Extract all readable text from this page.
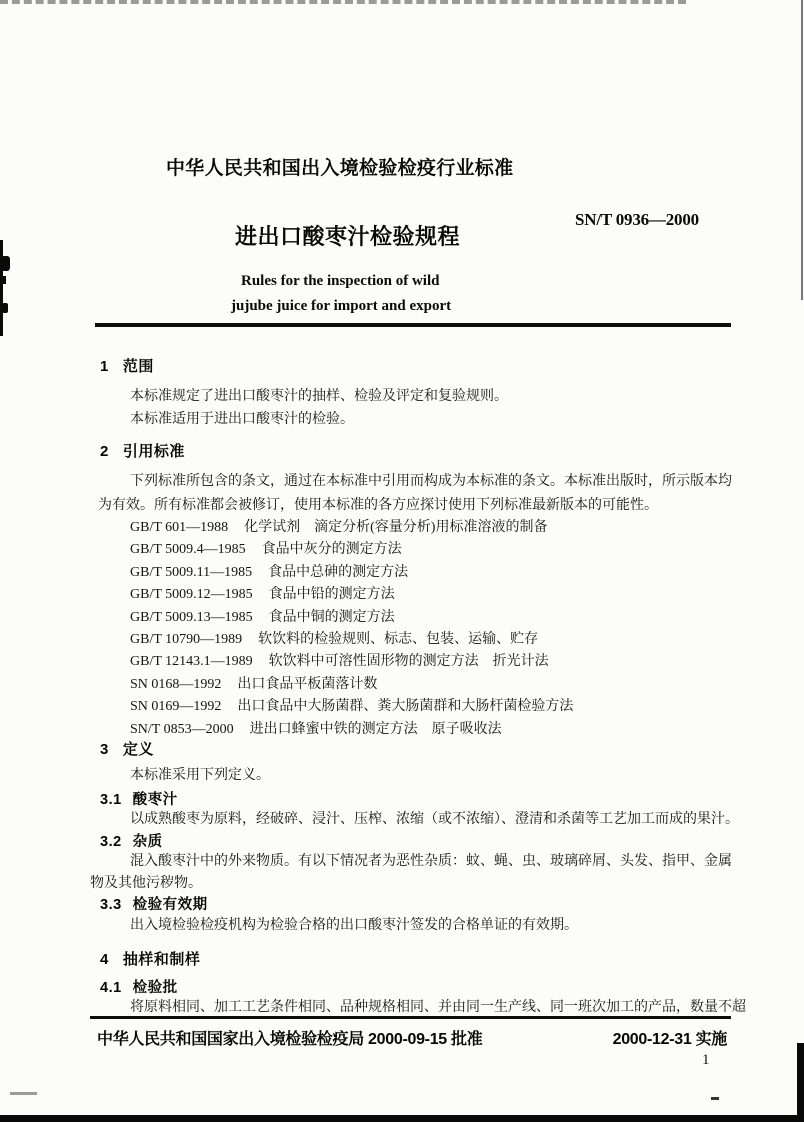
中华人民共和国出入境检验检疫行业标准
进出口酸枣汁检验规程
SN/T 0936—2000
Rules for the inspection of wild
jujube juice for import and export
1 范围
本标准规定了进出口酸枣汁的抽样、检验及评定和复验规则。
本标准适用于进出口酸枣汁的检验。
2 引用标准
下列标准所包含的条文，通过在本标准中引用而构成为本标准的条文。本标准出版时，所示版本均为有效。所有标准都会被修订，使用本标准的各方应探讨使用下列标准最新版本的可能性。
GB/T 601—1988 化学试剂　滴定分析(容量分析)用标准溶液的制备
GB/T 5009.4—1985 食品中灰分的测定方法
GB/T 5009.11—1985 食品中总砷的测定方法
GB/T 5009.12—1985 食品中铅的测定方法
GB/T 5009.13—1985 食品中铜的测定方法
GB/T 10790—1989 软饮料的检验规则、标志、包装、运输、贮存
GB/T 12143.1—1989 软饮料中可溶性固形物的测定方法　折光计法
SN 0168—1992 出口食品平板菌落计数
SN 0169—1992 出口食品中大肠菌群、粪大肠菌群和大肠杆菌检验方法
SN/T 0853—2000 进出口蜂蜜中铁的测定方法　原子吸收法
3 定义
本标准采用下列定义。
3.1 酸枣汁
以成熟酸枣为原料，经破碎、浸汁、压榨、浓缩（或不浓缩）、澄清和杀菌等工艺加工而成的果汁。
3.2 杂质
混入酸枣汁中的外来物质。有以下情况者为恶性杂质：蚊、蝇、虫、玻璃碎屑、头发、指甲、金属物及其他污秽物。
3.3 检验有效期
出入境检验检疫机构为检验合格的出口酸枣汁签发的合格单证的有效期。
4 抽样和制样
4.1 检验批
将原料相同、加工工艺条件相同、品种规格相同、并由同一生产线、同一班次加工的产品，数量不超
中华人民共和国国家出入境检验检疫局 2000-09-15 批准	2000-12-31 实施
1
